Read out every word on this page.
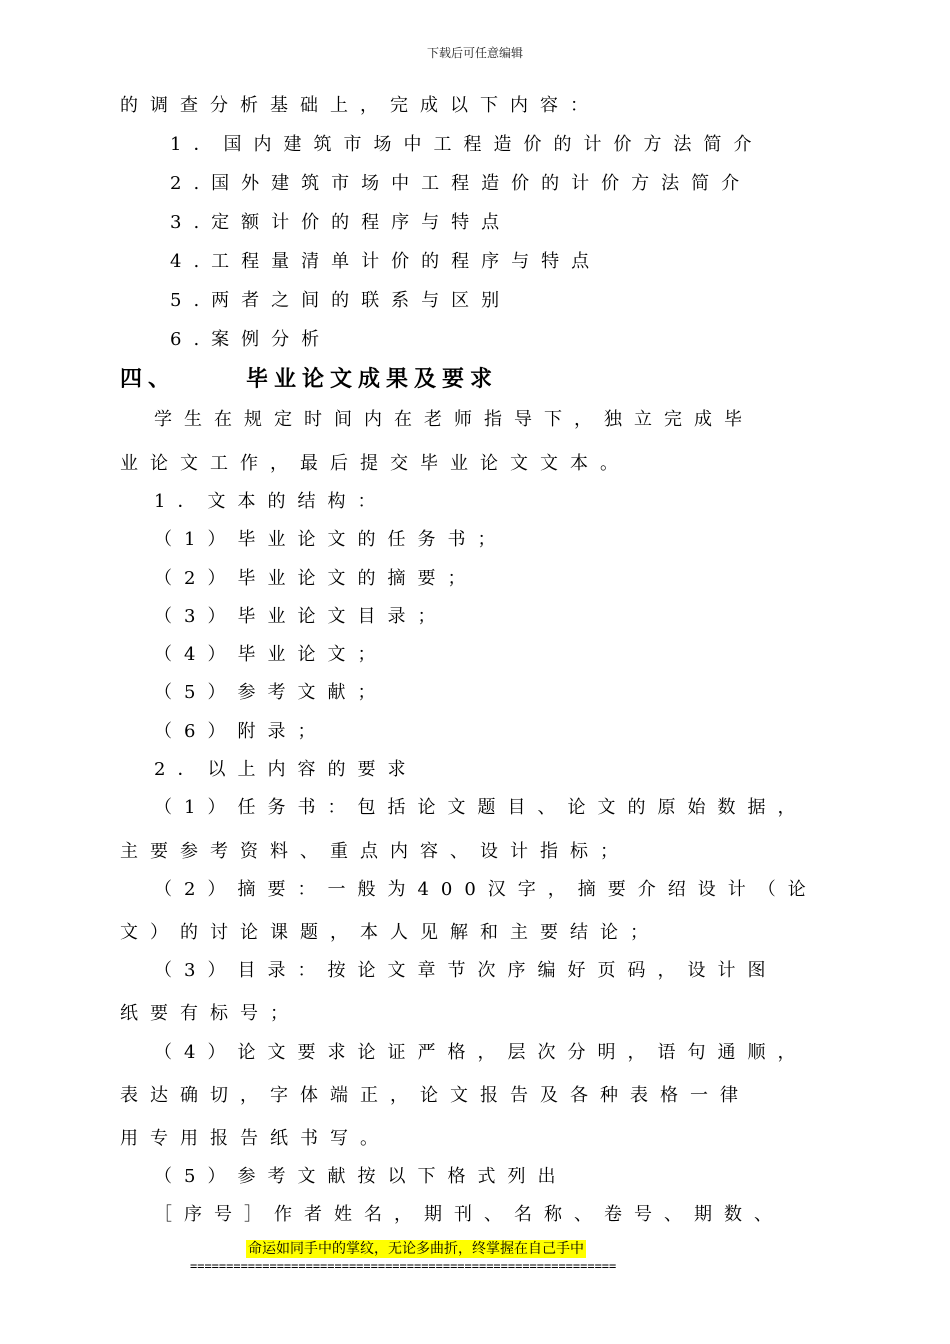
下载后可任意编辑
的调查分析基础上，完成以下内容：
1．国内建筑市场中工程造价的计价方法简介
2.国外建筑市场中工程造价的计价方法简介
3.定额计价的程序与特点
4.工程量清单计价的程序与特点
5.两者之间的联系与区别
6.案例分析
四、	毕业论文成果及要求
学生在规定时间内在老师指导下，独立完成毕
业论文工作，最后提交毕业论文文本。
1．文本的结构：
（1）毕业论文的任务书；
（2）毕业论文的摘要；
（3）毕业论文目录；
（4）毕业论文；
（5）参考文献；
（6）附录；
2．以上内容的要求
（1）任务书：包括论文题目、论文的原始数据，
主要参考资料、重点内容、设计指标；
（2）摘要：一般为400汉字，摘要介绍设计（论
文）的讨论课题，本人见解和主要结论；
（3）目录：按论文章节次序编好页码，设计图
纸要有标号；
（4）论文要求论证严格，层次分明，语句通顺，
表达确切，字体端正，论文报告及各种表格一律
用专用报告纸书写。
（5）参考文献按以下格式列出
［序号］作者姓名，期刊、名称、卷号、期数、
命运如同手中的掌纹，无论多曲折，终掌握在自己手中
===========================================================
